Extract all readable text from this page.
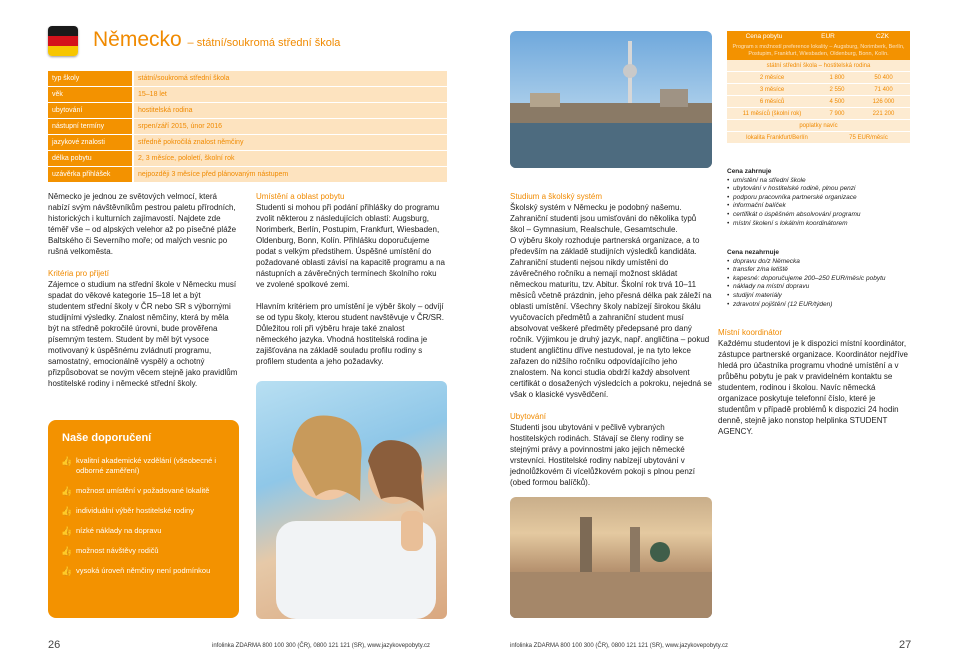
Německo – státní/soukromá střední škola
typ školy	státní/soukromá střední škola
věk	15–18 let
ubytování	hostitelská rodina
nástupní termíny	srpen/září 2015, únor 2016
jazykové znalosti	středně pokročilá znalost němčiny
délka pobytu	2, 3 měsíce, pololetí, školní rok
uzávěrka přihlášek	nejpozději 3 měsíce před plánovaným nástupem

Německo je jednou ze světových velmocí, která nabízí svým návštěvníkům pestrou paletu přírodních, historických i kulturních zajímavostí. Najdete zde téměř vše – od alpských velehor až po písečné pláže Baltského či Severního moře; od malých vesnic po rušná velkoměsta.

Kritéria pro přijetí

Zájemce o studium na střední škole v Německu musí spadat do věkové kategorie 15–18 let a být studentem střední školy v ČR nebo SR s výbornými studijními výsledky. Znalost němčiny, která by měla být na středně pokročilé úrovni, bude prověřena písemným testem. Student by měl být vysoce motivovaný k úspěšnému zvládnutí programu, samostatný, emocionálně vyspělý a ochotný přizpůsobovat se novým věcem stejně jako pravidlům hostitelské rodiny i německé střední školy.

Naše doporučení
👍 kvalitní akademické vzdělání (všeobecné i odborné zaměření)
👍 možnost umístění v požadované lokalitě
👍 individuální výběr hostitelské rodiny
👍 nízké náklady na dopravu
👍 možnost návštěvy rodičů
👍 vysoká úroveň němčiny není podmínkou

Umístění a oblast pobytu

Studenti si mohou při podání přihlášky do programu zvolit některou z následujících oblastí: Augsburg, Norimberk, Berlín, Postupim, Frankfurt, Wiesbaden, Oldenburg, Bonn, Kolín. Přihlášku doporučujeme podat s velkým předstihem. Úspěšné umístění do požadované oblasti závisí na kapacitě programu a na nástupních a závěrečných termínech školního roku ve zvolené spolkové zemi.

Hlavním kritériem pro umístění je výběr školy – odvíjí se od typu školy, kterou student navštěvuje v ČR/SR. Důležitou roli při výběru hraje také znalost německého jazyka. Vhodná hostitelská rodina je zajišťována na základě souladu profilu rodiny s profilem studenta a jeho požadavky.

Studium a školský systém

Školský systém v Německu je podobný našemu. Zahraniční studenti jsou umisťováni do několika typů škol – Gymnasium, Realschule, Gesamtschule.

O výběru školy rozhoduje partnerská organizace, a to především na základě studijních výsledků kandidáta. Zahraniční studenti nejsou nikdy umístěni do závěrečného ročníku a nemají možnost skládat německou maturitu, tzv. Abitur. Školní rok trvá 10–11 měsíců včetně prázdnin, jeho přesná délka pak záleží na oblasti umístění. Všechny školy nabízejí širokou škálu vyučovacích předmětů a zahraniční student musí absolvovat veškeré předměty předepsané pro daný ročník. Výjimkou je druhý jazyk, např. angličtina – pokud student angličtinu dříve nestudoval, je na tyto lekce zařazen do nižšího ročníku odpovídajícího jeho znalostem. Na konci studia obdrží každý absolvent certifikát o dosažených výsledcích a pokroku, nejedná se však o klasické vysvědčení.

Ubytování

Studenti jsou ubytováni v pečlivě vybraných hostitelských rodinách. Stávají se členy rodiny se stejnými právy a povinnostmi jako jejich německé vrstevníci. Hostitelské rodiny nabízejí ubytování v jednolůžkovém či vícelůžkovém pokoji s plnou penzí (obed formou balíčků).

Cena pobytu	EUR	CZK
Program s možností preference lokality – Augsburg, Norimberk, Berlín, Postupim, Frankfurt, Wiesbaden, Oldenburg, Bonn, Kolín.
státní střední škola – hostitelská rodina
2 měsíce	1 800	50 400
3 měsíce	2 550	71 400
6 měsíců	4 500	126 000
11 měsíců (školní rok)	7 900	221 200
poplatky navíc
lokalita Frankfurt/Berlín	75 EUR/měsíc
Cena zahrnuje
• umístění na střední škole
• ubytování v hostitelské rodině, plnou penzi
• podporu pracovníka partnerské organizace
• informační balíček
• certifikát o úspěšném absolvování programu
• místní školení s lokálním koordinátorem
Cena nezahrnuje
• dopravu do/z Německa
• transfer z/na letiště
• kapesné: doporučujeme 200–250 EUR/měsíc pobytu
• náklady na místní dopravu
• studijní materiály
• zdravotní pojištění (12 EUR/týden)

Místní koordinátor

Každému studentovi je k dispozici místní koordinátor, zástupce partnerské organizace. Koordinátor nejdříve hledá pro účastníka programu vhodné umístění a v průběhu pobytu je pak v pravidelném kontaktu se studentem, rodinou i školou. Navíc německá organizace poskytuje telefonní číslo, které je studentům v případě problémů k dispozici 24 hodin denně, stejně jako nonstop helplinka STUDENT AGENCY.

26	infolinka ZDARMA 800 100 300 (ČR), 0800 121 121 (SR), www.jazykovepobyty.cz	infolinka ZDARMA 800 100 300 (ČR), 0800 121 121 (SR), www.jazykovepobyty.cz	27
